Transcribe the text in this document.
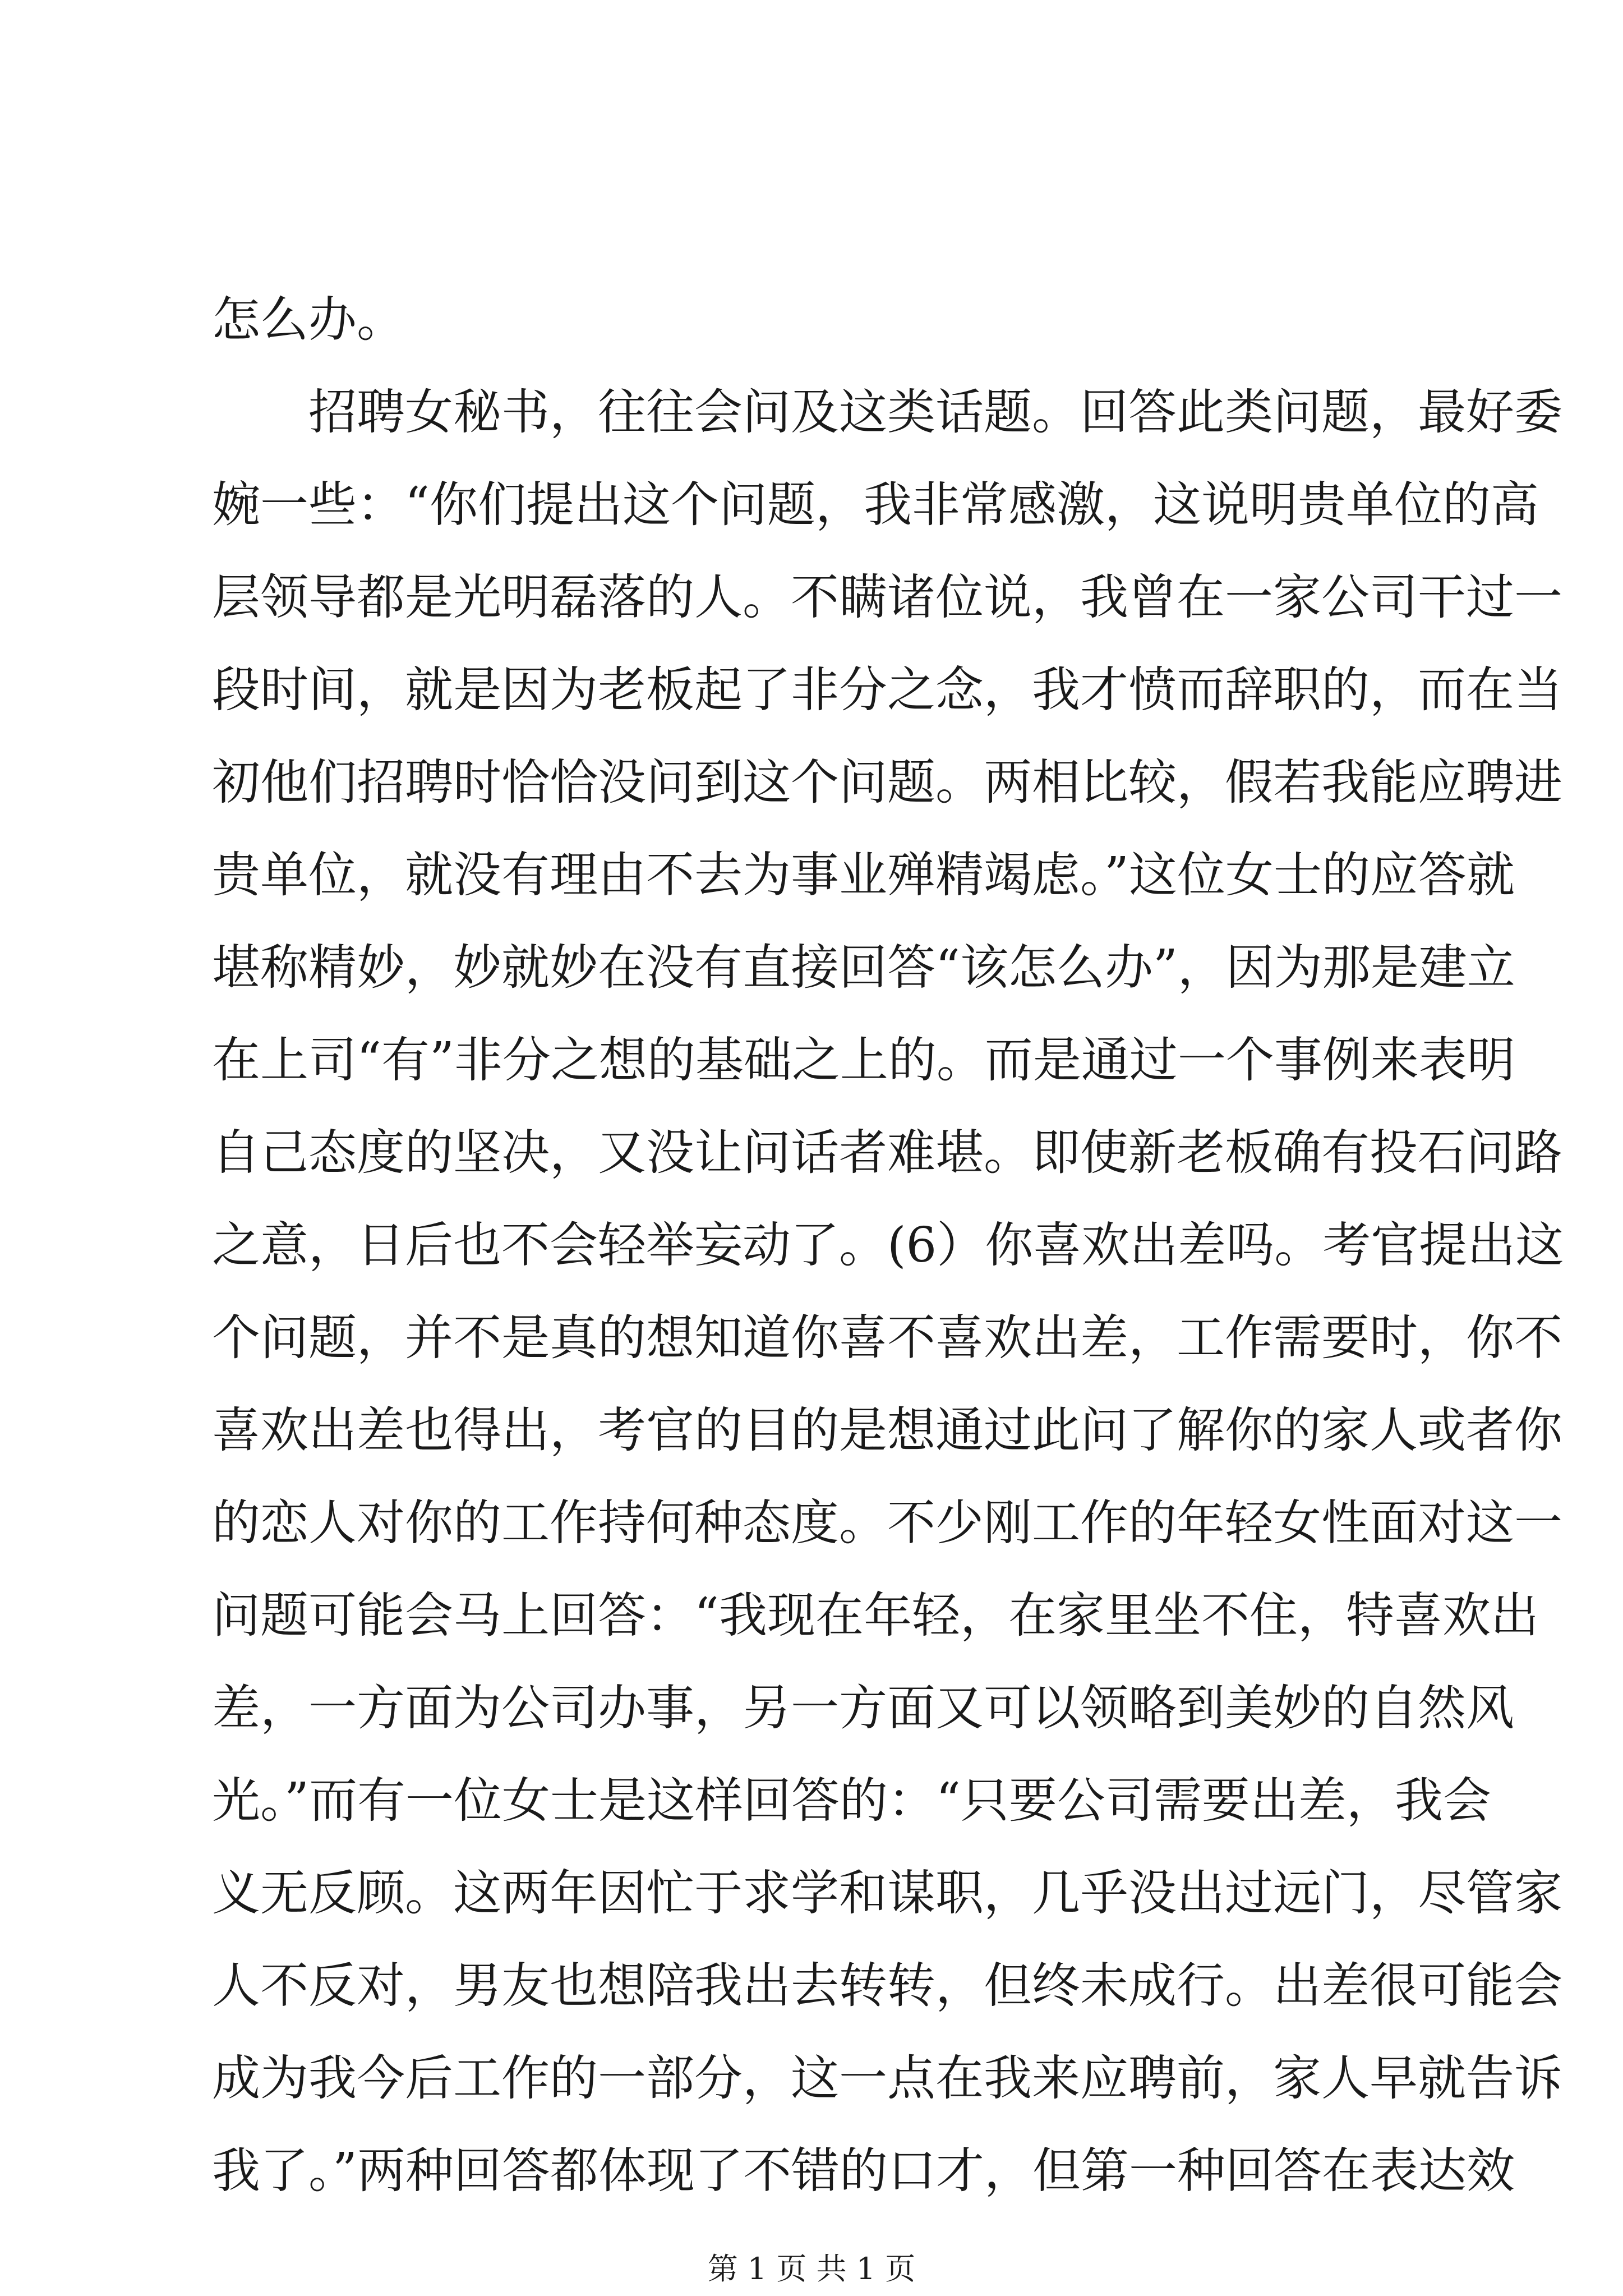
怎么办。
招聘女秘书，往往会问及这类话题。回答此类问题，最好委
婉一些：“你们提出这个问题，我非常感激，这说明贵单位的高
层领导都是光明磊落的人。不瞒诸位说，我曾在一家公司干过一
段时间，就是因为老板起了非分之念，我才愤而辞职的，而在当
初他们招聘时恰恰没问到这个问题。两相比较，假若我能应聘进
贵单位，就没有理由不去为事业殚精竭虑。”这位女士的应答就
堪称精妙，妙就妙在没有直接回答“该怎么办”，因为那是建立
在上司“有”非分之想的基础之上的。而是通过一个事例来表明
自己态度的坚决，又没让问话者难堪。即使新老板确有投石问路
之意，日后也不会轻举妄动了。(6）你喜欢出差吗。考官提出这
个问题，并不是真的想知道你喜不喜欢出差，工作需要时，你不
喜欢出差也得出，考官的目的是想通过此问了解你的家人或者你
的恋人对你的工作持何种态度。不少刚工作的年轻女性面对这一
问题可能会马上回答：“我现在年轻，在家里坐不住，特喜欢出
差，一方面为公司办事，另一方面又可以领略到美妙的自然风
光。”而有一位女士是这样回答的：“只要公司需要出差，我会
义无反顾。这两年因忙于求学和谋职，几乎没出过远门，尽管家
人不反对，男友也想陪我出去转转，但终未成行。出差很可能会
成为我今后工作的一部分，这一点在我来应聘前，家人早就告诉
我了。”两种回答都体现了不错的口才，但第一种回答在表达效
第 1 页 共 1 页
